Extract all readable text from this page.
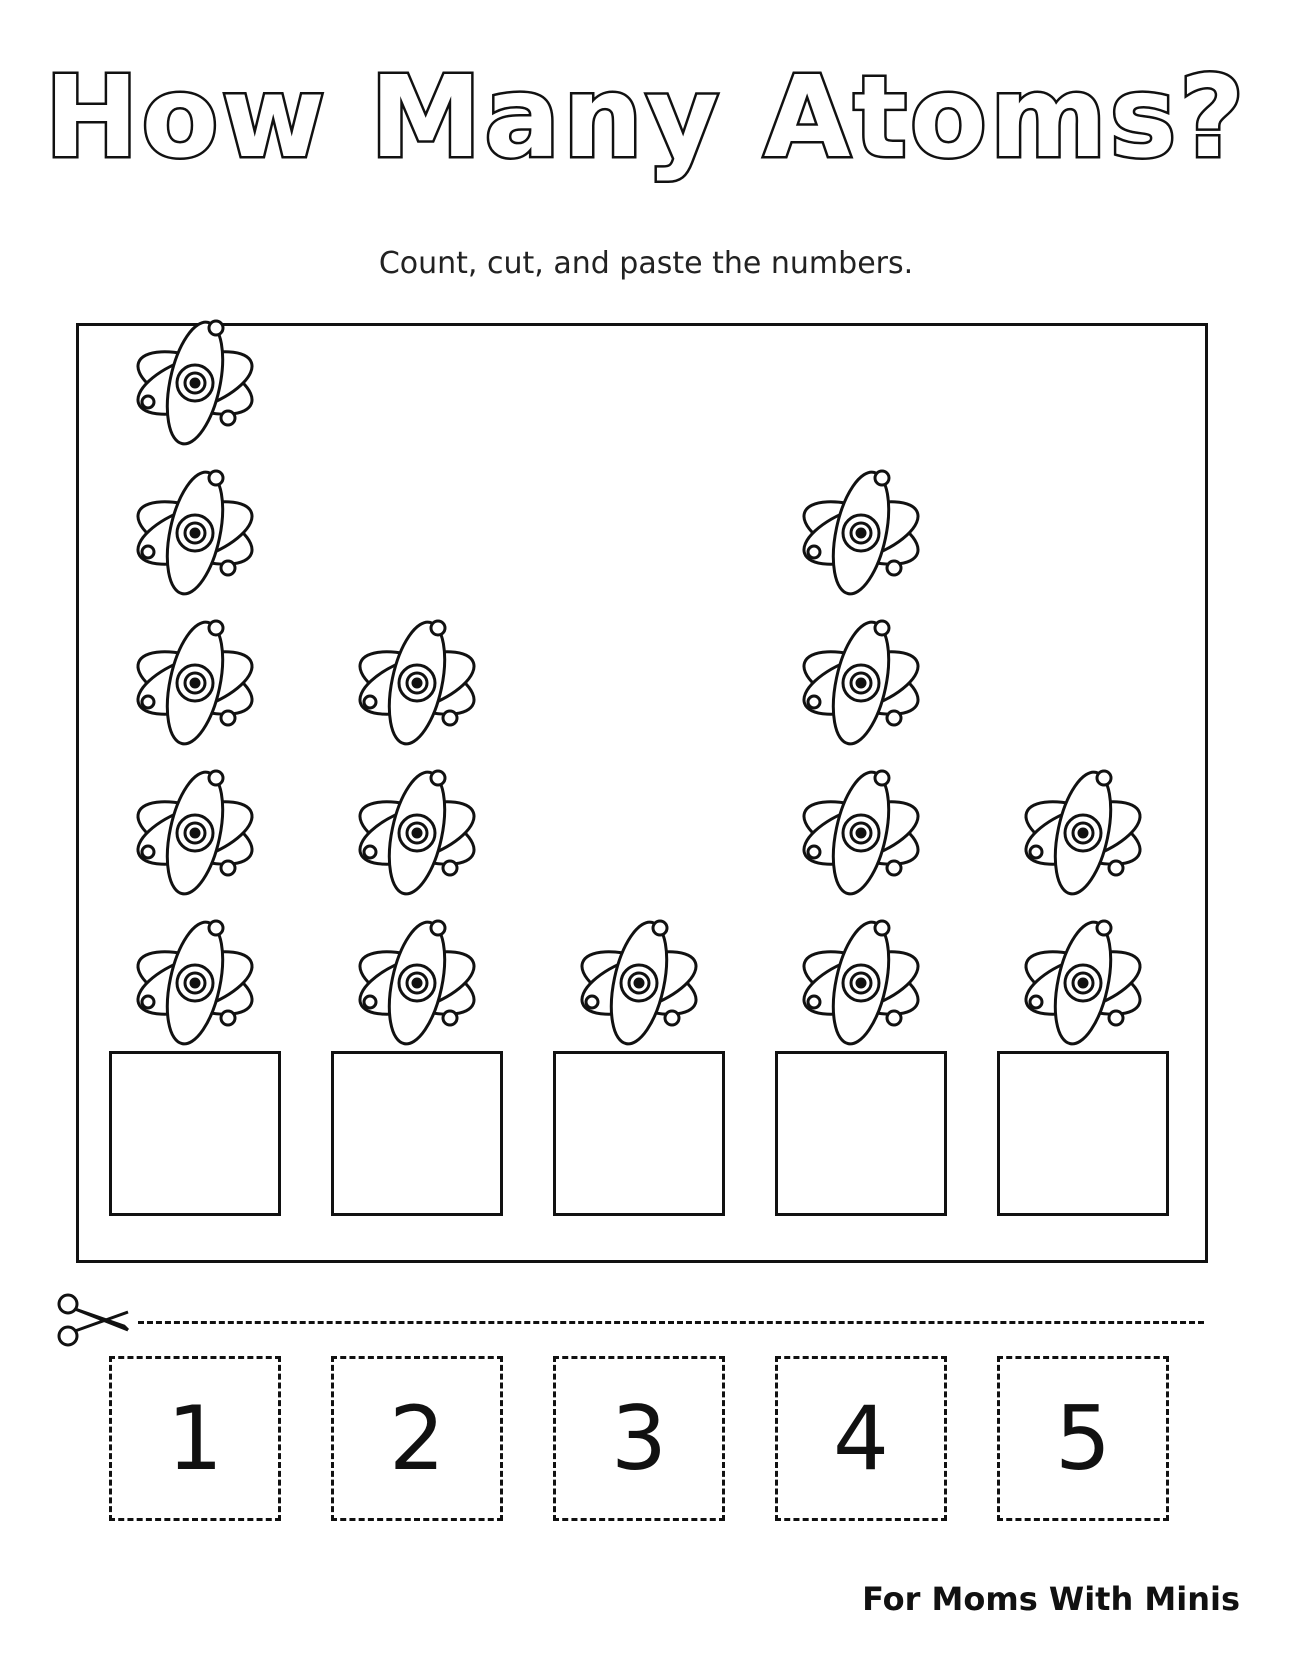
How Many Atoms?
Count, cut, and paste the numbers.
1	2	3	4	5
For Moms With Minis
